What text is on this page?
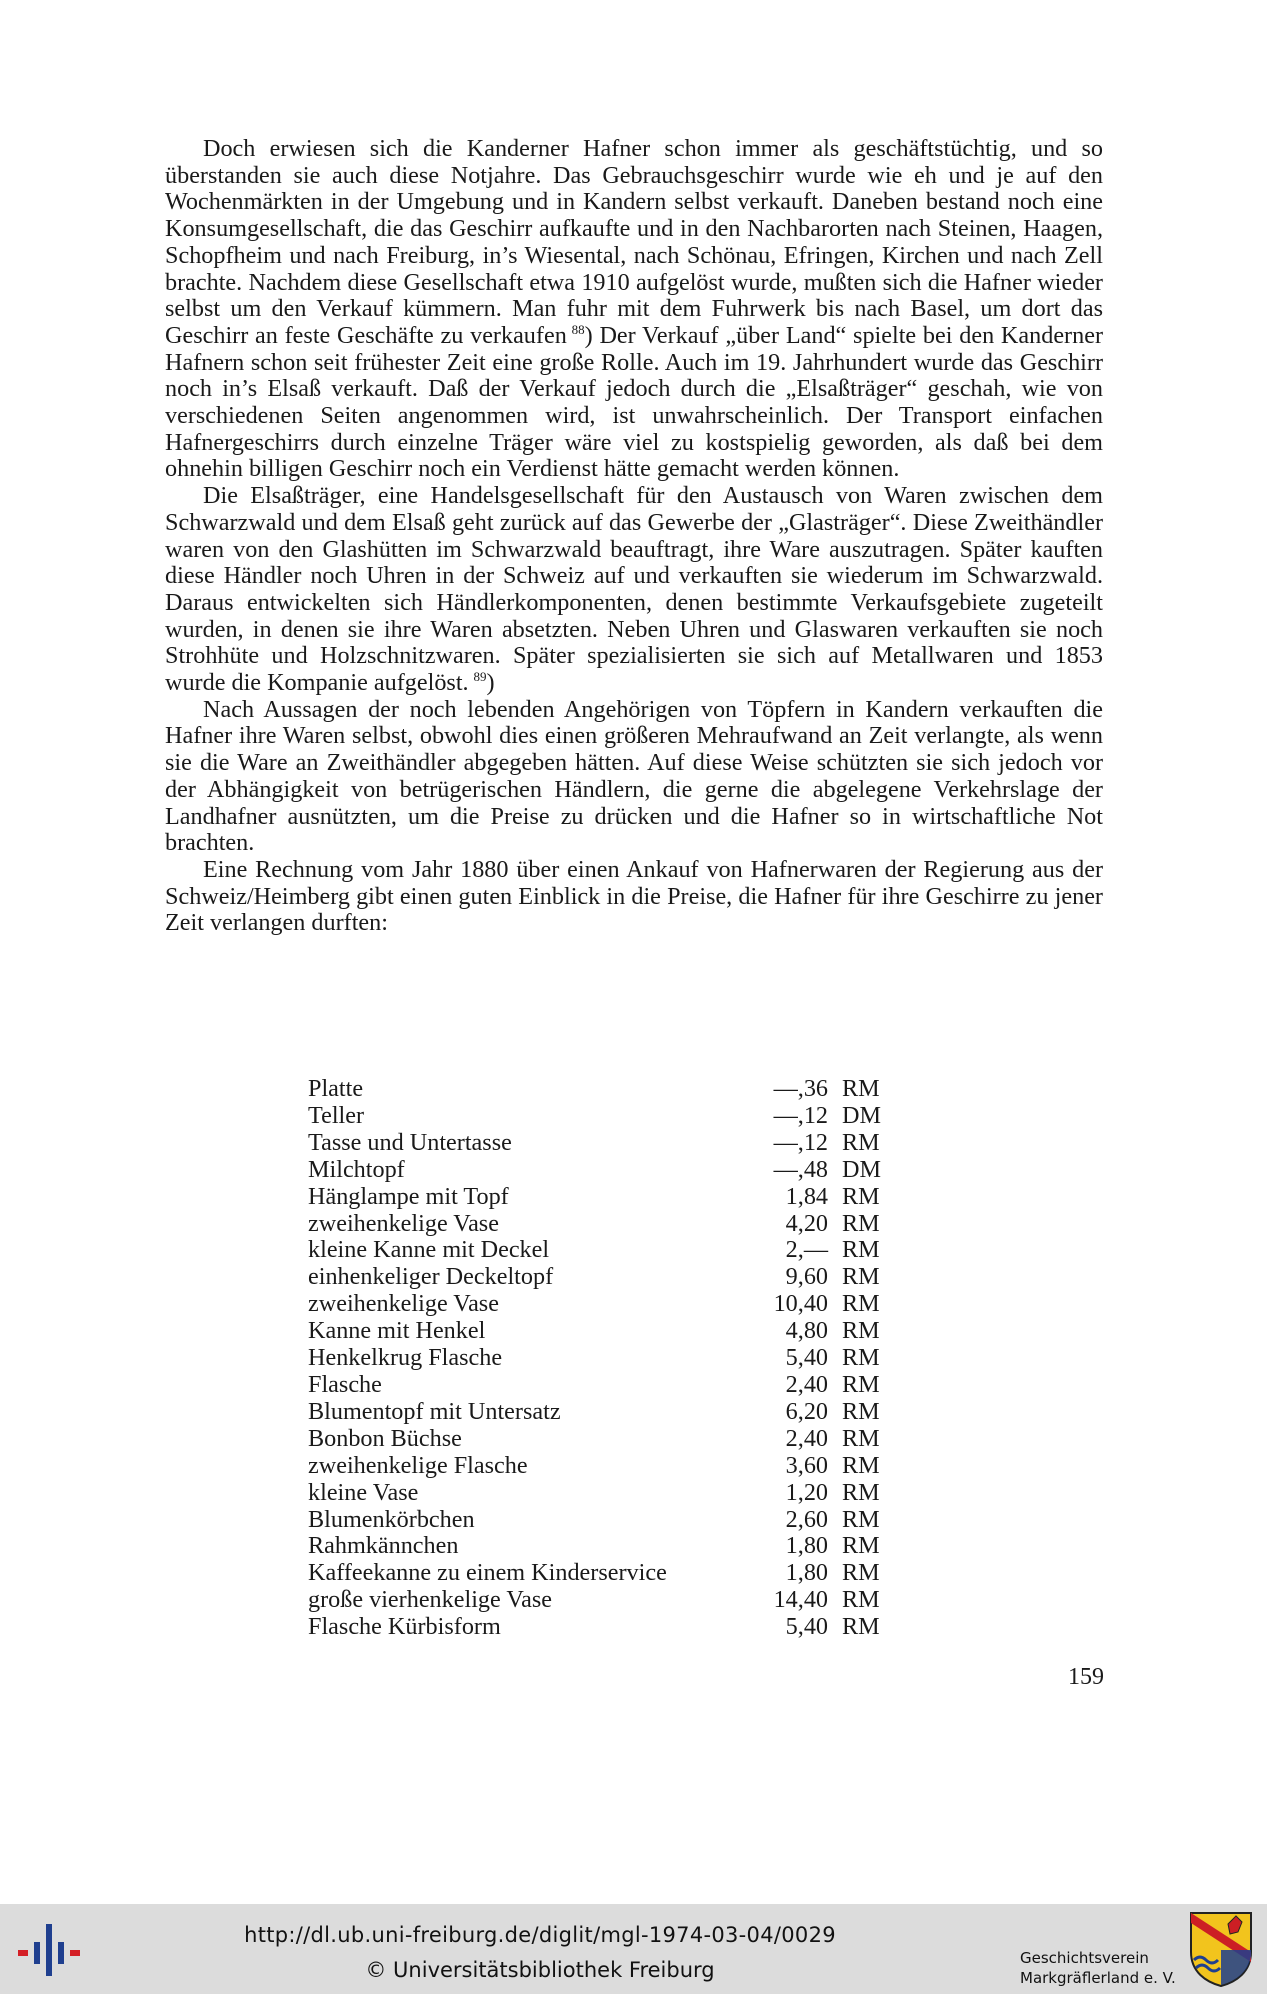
Doch erwiesen sich die Kanderner Hafner schon immer als geschäftstüchtig, und so überstanden sie auch diese Notjahre. Das Gebrauchsgeschirr wurde wie eh und je auf den Wochenmärkten in der Umgebung und in Kandern selbst verkauft. Daneben bestand noch eine Konsumgesellschaft, die das Geschirr aufkaufte und in den Nachbarorten nach Steinen, Haagen, Schopfheim und nach Freiburg, in’s Wiesental, nach Schönau, Efringen, Kirchen und nach Zell brachte. Nachdem diese Gesellschaft etwa 1910 aufgelöst wurde, mußten sich die Hafner wieder selbst um den Verkauf kümmern. Man fuhr mit dem Fuhrwerk bis nach Basel, um dort das Geschirr an feste Geschäfte zu verkaufen  $^{88}$) Der Verkauf „über Land“ spielte bei den Kanderner Hafnern schon seit frühester Zeit eine große Rolle. Auch im 19. Jahrhundert wurde das Geschirr noch in’s Elsaß verkauft. Daß der Verkauf jedoch durch die „Elsaßträger“ geschah, wie von verschiedenen Seiten angenommen wird, ist unwahrscheinlich. Der Transport einfachen Hafnergeschirrs durch einzelne Träger wäre viel zu kostspielig geworden, als daß bei dem ohnehin billigen Geschirr noch ein Verdienst hätte gemacht werden können.

Die Elsaßträger, eine Handelsgesellschaft für den Austausch von Waren zwischen dem Schwarzwald und dem Elsaß geht zurück auf das Gewerbe der „Glasträger“. Diese Zweithändler waren von den Glashütten im Schwarzwald beauftragt, ihre Ware auszutragen. Später kauften diese Händler noch Uhren in der Schweiz auf und verkauften sie wiederum im Schwarzwald. Daraus entwickelten sich Händlerkomponenten, denen bestimmte Verkaufsgebiete zugeteilt wurden, in denen sie ihre Waren absetzten. Neben Uhren und Glaswaren verkauften sie noch Strohhüte und Holzschnitzwaren. Später spezialisierten sie sich auf Metallwaren und 1853 wurde die Kompanie aufgelöst.  $^{89}$)

Nach Aussagen der noch lebenden Angehörigen von Töpfern in Kandern verkauften die Hafner ihre Waren selbst, obwohl dies einen größeren Mehraufwand an Zeit verlangte, als wenn sie die Ware an Zweithändler abgegeben hätten. Auf diese Weise schützten sie sich jedoch vor der Abhängigkeit von betrügerischen Händlern, die gerne die abgelegene Verkehrslage der Landhafner ausnützten, um die Preise zu drücken und die Hafner so in wirtschaftliche Not brachten.

Eine Rechnung vom Jahr 1880 über einen Ankauf von Hafnerwaren der Regierung aus der Schweiz/Heimberg gibt einen guten Einblick in die Preise, die Hafner für ihre Geschirre zu jener Zeit verlangen durften:

Platte	—,36	RM
Teller	—,12	DM
Tasse und Untertasse	—,12	RM
Milchtopf	—,48	DM
Hänglampe mit Topf	1,84	RM
zweihenkelige Vase	4,20	RM
kleine Kanne mit Deckel	2,—	RM
einhenkeliger Deckeltopf	9,60	RM
zweihenkelige Vase	10,40	RM
Kanne mit Henkel	4,80	RM
Henkelkrug Flasche	5,40	RM
Flasche	2,40	RM
Blumentopf mit Untersatz	6,20	RM
Bonbon Büchse	2,40	RM
zweihenkelige Flasche	3,60	RM
kleine Vase	1,20	RM
Blumenkörbchen	2,60	RM
Rahmkännchen	1,80	RM
Kaffeekanne zu einem Kinderservice	1,80	RM
große vierhenkelige Vase	14,40	RM
Flasche Kürbisform	5,40	RM
159
http://dl.ub.uni-freiburg.de/diglit/mgl-1974-03-04/0029
© Universitätsbibliothek Freiburg	Geschichtsverein
Markgräflerland e. V.
